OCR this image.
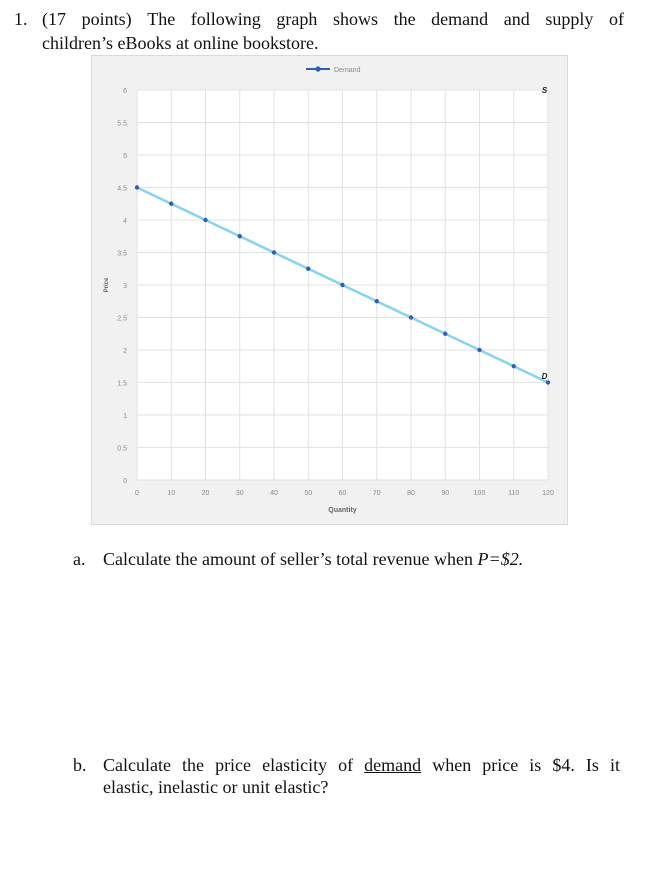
1. (17 points) The following graph shows the demand and supply of
children’s eBooks at online bookstore.
0
0.5
1
1.5
2
2.5
3
3.5
4
4.5
5
5.5
6
0	10	20	30	40	50	60	70	80	90	100	110	120
Quantity
Price
Demand
S
D
a. Calculate the amount of seller’s total revenue when P=$2.
b. Calculate the price elasticity of demand when price is $4. Is it
elastic, inelastic or unit elastic?
